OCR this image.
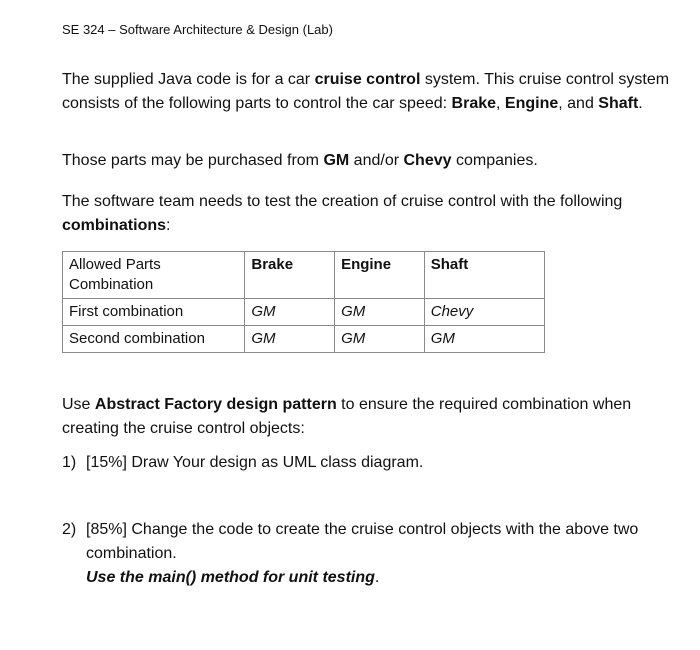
SE 324 – Software Architecture & Design (Lab)
The supplied Java code is for a car cruise control system. This cruise control system consists of the following parts to control the car speed: Brake, Engine, and Shaft.
Those parts may be purchased from GM and/or Chevy companies.
The software team needs to test the creation of cruise control with the following combinations:
Allowed Parts Combination	Brake	Engine	Shaft
First combination	GM	GM	Chevy
Second combination	GM	GM	GM
Use Abstract Factory design pattern to ensure the required combination when creating the cruise control objects:
1) [15%] Draw Your design as UML class diagram.
2) [85%] Change the code to create the cruise control objects with the above two combination.
Use the main() method for unit testing.
